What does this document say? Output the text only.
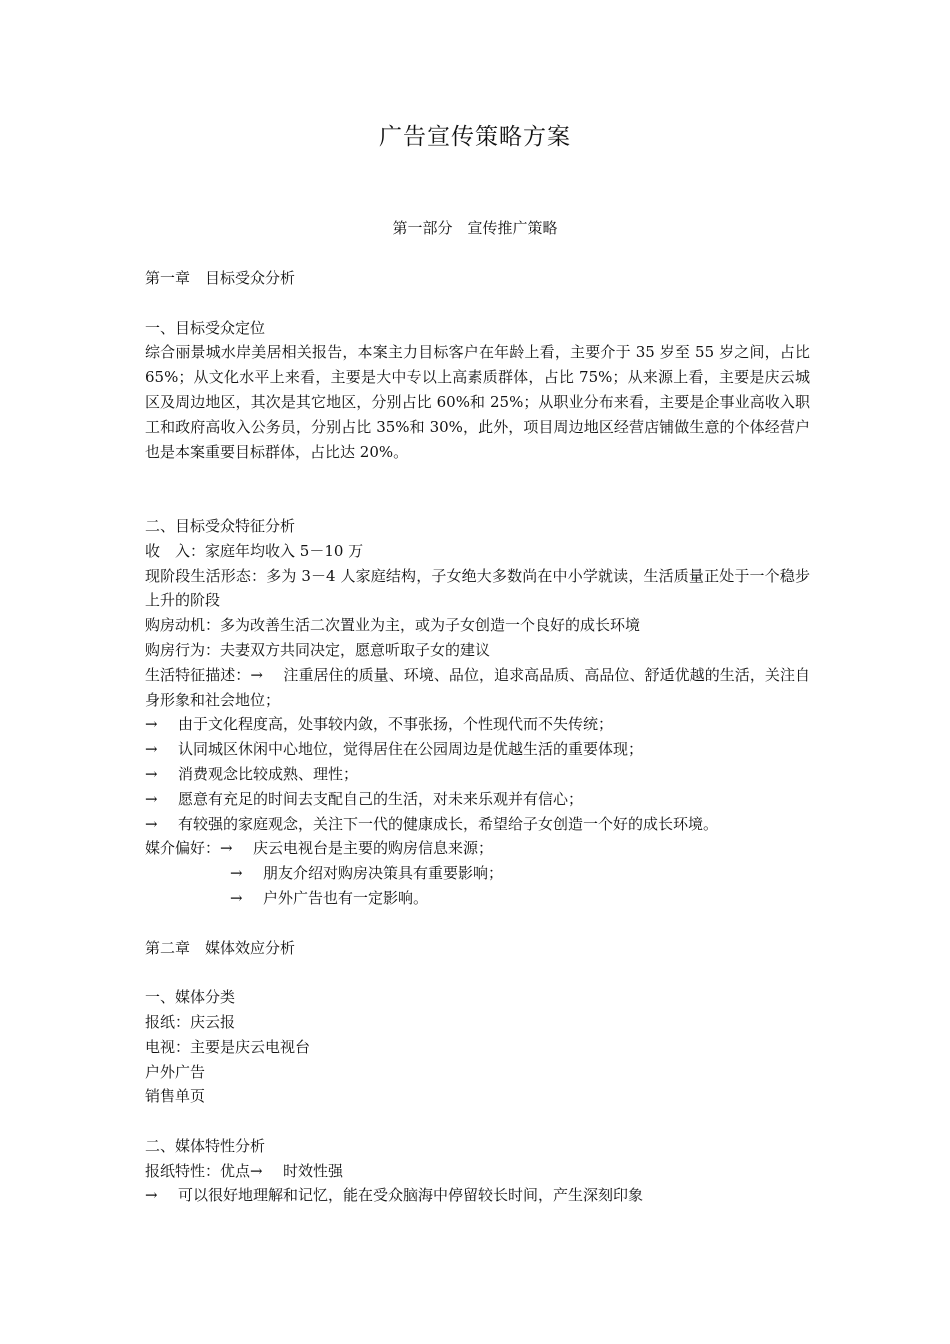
广告宣传策略方案
第一部分　宣传推广策略
第一章　目标受众分析
一、目标受众定位

综合丽景城水岸美居相关报告，本案主力目标客户在年龄上看，主要介于 35 岁至 55 岁之间，占比 65%；从文化水平上来看，主要是大中专以上高素质群体，占比 75%；从来源上看，主要是庆云城区及周边地区，其次是其它地区，分别占比 60%和 25%；从职业分布来看，主要是企事业高收入职工和政府高收入公务员，分别占比 35%和 30%，此外，项目周边地区经营店铺做生意的个体经营户也是本案重要目标群体，占比达 20%。

二、目标受众特征分析
收　入：家庭年均收入 5－10 万

现阶段生活形态：多为 3－4 人家庭结构，子女绝大多数尚在中小学就读，生活质量正处于一个稳步上升的阶段

购房动机：多为改善生活二次置业为主，或为子女创造一个良好的成长环境
购房行为：夫妻双方共同决定，愿意听取子女的建议

生活特征描述：→ 注重居住的质量、环境、品位，追求高品质、高品位、舒适优越的生活，关注自身形象和社会地位；

→ 由于文化程度高，处事较内敛，不事张扬，个性现代而不失传统；
→ 认同城区休闲中心地位，觉得居住在公园周边是优越生活的重要体现；
→ 消费观念比较成熟、理性；
→ 愿意有充足的时间去支配自己的生活，对未来乐观并有信心；
→ 有较强的家庭观念，关注下一代的健康成长，希望给子女创造一个好的成长环境。
媒介偏好：→ 庆云电视台是主要的购房信息来源；
→ 朋友介绍对购房决策具有重要影响；
→ 户外广告也有一定影响。
第二章　媒体效应分析
一、媒体分类
报纸：庆云报
电视：主要是庆云电视台
户外广告
销售单页
二、媒体特性分析
报纸特性：优点→ 时效性强
→ 可以很好地理解和记忆，能在受众脑海中停留较长时间，产生深刻印象
